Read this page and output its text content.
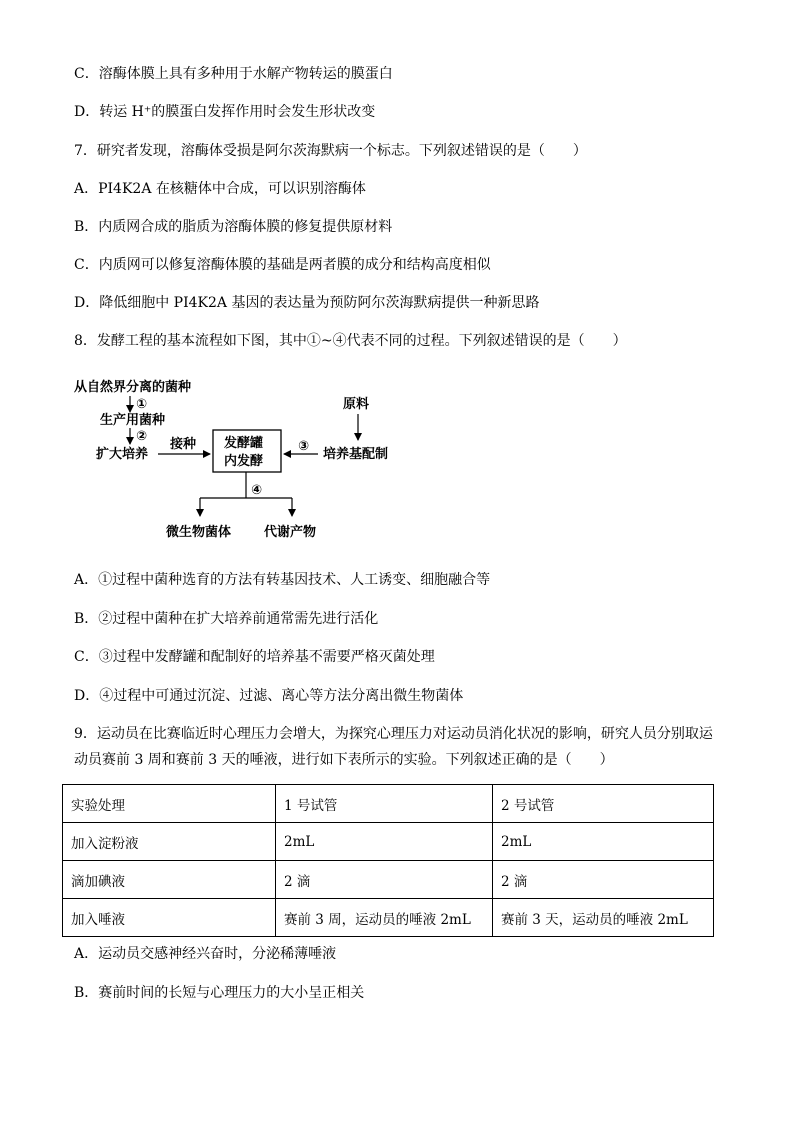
C．溶酶体膜上具有多种用于水解产物转运的膜蛋白
D．转运 H⁺的膜蛋白发挥作用时会发生形状改变
7．研究者发现，溶酶体受损是阿尔茨海默病一个标志。下列叙述错误的是（　　）
A．PI4K2A 在核糖体中合成，可以识别溶酶体
B．内质网合成的脂质为溶酶体膜的修复提供原材料
C．内质网可以修复溶酶体膜的基础是两者膜的成分和结构高度相似
D．降低细胞中 PI4K2A 基因的表达量为预防阿尔茨海默病提供一种新思路
8．发酵工程的基本流程如下图，其中①~④代表不同的过程。下列叙述错误的是（　　）
从自然界分离的菌种
①
生产用菌种
②
扩大培养
接种 发酵罐
内发酵
原料
培养基配制
③
④
微生物菌体	代谢产物
A．①过程中菌种选育的方法有转基因技术、人工诱变、细胞融合等
B．②过程中菌种在扩大培养前通常需先进行活化
C．③过程中发酵罐和配制好的培养基不需要严格灭菌处理
D．④过程中可通过沉淀、过滤、离心等方法分离出微生物菌体
9．运动员在比赛临近时心理压力会增大，为探究心理压力对运动员消化状况的影响，研究人员分别取运动员赛前 3 周和赛前 3 天的唾液，进行如下表所示的实验。下列叙述正确的是（　　）
实验处理	1 号试管	2 号试管
加入淀粉液	2mL	2mL
滴加碘液	2 滴	2 滴
加入唾液	赛前 3 周，运动员的唾液 2mL	赛前 3 天，运动员的唾液 2mL
A．运动员交感神经兴奋时，分泌稀薄唾液
B．赛前时间的长短与心理压力的大小呈正相关
